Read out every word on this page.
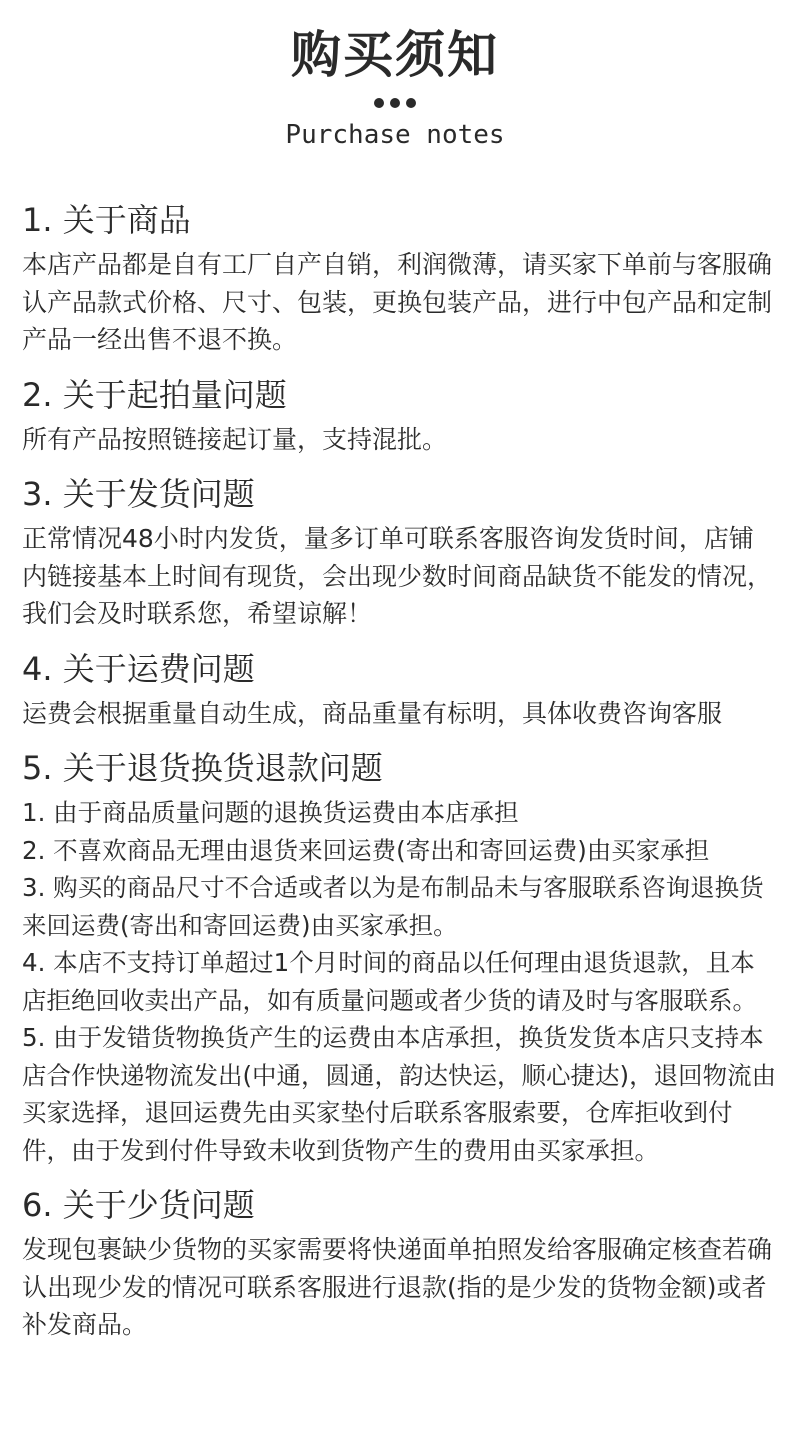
购买须知
Purchase notes
1. 关于商品

本店产品都是自有工厂自产自销，利润微薄，请买家下单前与客服确认产品款式价格、尺寸、包装，更换包装产品，进行中包产品和定制产品一经出售不退不换。

2. 关于起拍量问题

所有产品按照链接起订量，支持混批。

3. 关于发货问题

正常情况48小时内发货，量多订单可联系客服咨询发货时间，店铺内链接基本上时间有现货，会出现少数时间商品缺货不能发的情况，我们会及时联系您，希望谅解！

4. 关于运费问题

运费会根据重量自动生成，商品重量有标明，具体收费咨询客服

5. 关于退货换货退款问题

1. 由于商品质量问题的退换货运费由本店承担

2. 不喜欢商品无理由退货来回运费(寄出和寄回运费)由买家承担

3. 购买的商品尺寸不合适或者以为是布制品未与客服联系咨询退换货来回运费(寄出和寄回运费)由买家承担。

4. 本店不支持订单超过1个月时间的商品以任何理由退货退款，且本店拒绝回收卖出产品，如有质量问题或者少货的请及时与客服联系。

5. 由于发错货物换货产生的运费由本店承担，换货发货本店只支持本店合作快递物流发出(中通，圆通，韵达快运，顺心捷达)，退回物流由买家选择，退回运费先由买家垫付后联系客服索要，仓库拒收到付件，由于发到付件导致未收到货物产生的费用由买家承担。

6. 关于少货问题

发现包裹缺少货物的买家需要将快递面单拍照发给客服确定核查若确认出现少发的情况可联系客服进行退款(指的是少发的货物金额)或者补发商品。
